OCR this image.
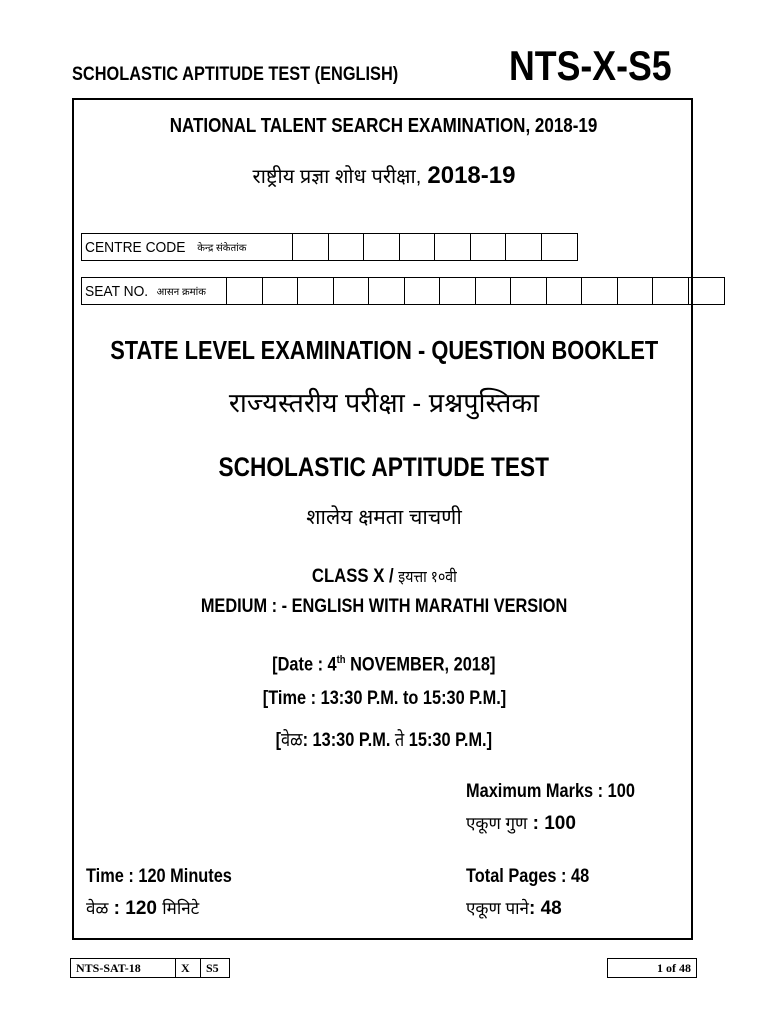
SCHOLASTIC APTITUDE TEST (ENGLISH)	NTS-X-S5
NATIONAL TALENT SEARCH EXAMINATION, 2018-19
राष्ट्रीय प्रज्ञा शोध परीक्षा, 2018-19
CENTRE CODE केन्द्र संकेतांक
SEAT NO. आसन क्रमांक
STATE LEVEL EXAMINATION - QUESTION BOOKLET
राज्यस्तरीय परीक्षा - प्रश्नपुस्तिका
SCHOLASTIC APTITUDE TEST
शालेय क्षमता चाचणी
CLASS X / इयत्ता १०वी
MEDIUM : - ENGLISH WITH MARATHI VERSION
[Date : 4th NOVEMBER, 2018]
[Time : 13:30 P.M. to 15:30 P.M.]
[वेळ: 13:30 P.M. ते 15:30 P.M.]
Maximum Marks : 100
एकूण गुण : 100
Time : 120 Minutes
वेळ : 120 मिनिटे
Total Pages : 48
एकूण पाने: 48
NTS-SAT-18	X	S5	1 of 48
